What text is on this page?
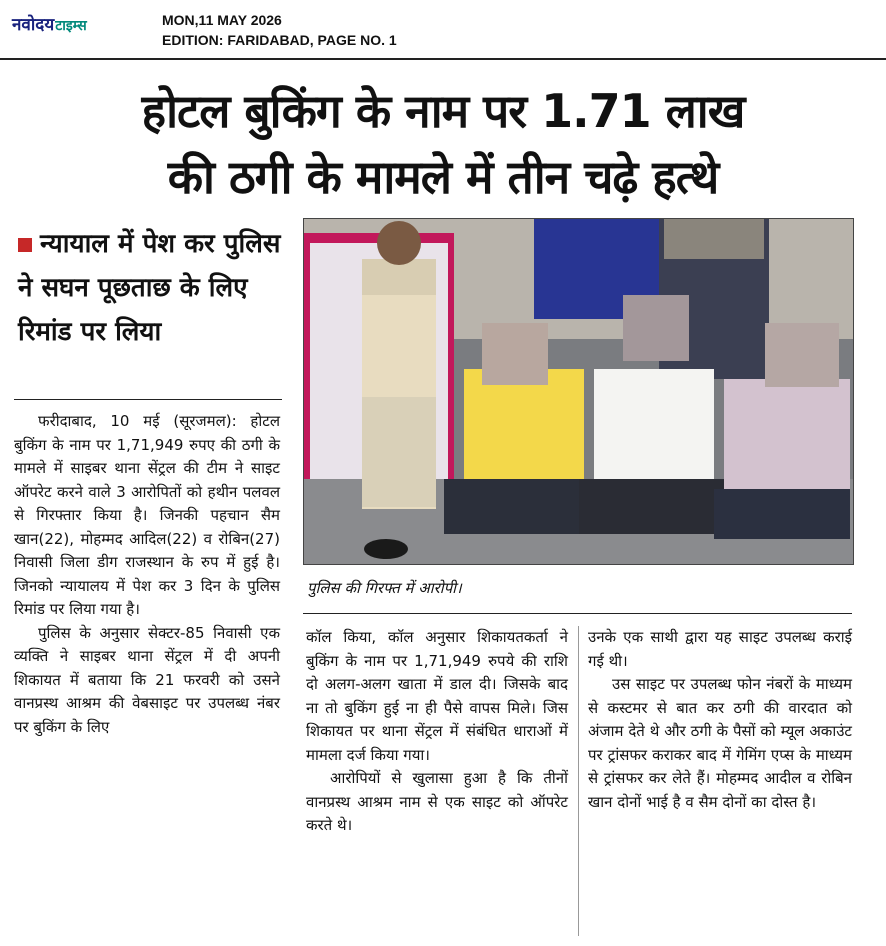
नवोदयटाइम्स	MON,11 MAY 2026
EDITION: FARIDABAD, PAGE NO. 1
होटल बुकिंग के नाम पर 1.71 लाख
की ठगी के मामले में तीन चढ़े हत्थे
न्यायाल में पेश कर पुलिस ने सघन पूछताछ के लिए रिमांड पर लिया

फरीदाबाद, 10 मई (सूरजमल): होटल बुकिंग के नाम पर 1,71,949 रुपए की ठगी के मामले में साइबर थाना सेंट्रल की टीम ने साइट ऑपरेट करने वाले 3 आरोपितों को हथीन पलवल से गिरफ्तार किया है। जिनकी पहचान सैम खान(22), मोहम्मद आदिल(22) व रोबिन(27) निवासी जिला डीग राजस्थान के रुप में हुई है। जिनको न्यायालय में पेश कर 3 दिन के पुलिस रिमांड पर लिया गया है।

पुलिस के अनुसार सेक्टर-85 निवासी एक व्यक्ति ने साइबर थाना सेंट्रल में दी अपनी शिकायत में बताया कि 21 फरवरी को उसने वानप्रस्थ आश्रम की वेबसाइट पर उपलब्ध नंबर पर बुकिंग के लिए

पुलिस की गिरफ्त में आरोपी।

कॉल किया, कॉल अनुसार शिकायतकर्ता ने बुकिंग के नाम पर 1,71,949 रुपये की राशि दो अलग-अलग खाता में डाल दी। जिसके बाद ना तो बुकिंग हुई ना ही पैसे वापस मिले। जिस शिकायत पर थाना सेंट्रल में संबंधित धाराओं में मामला दर्ज किया गया।

आरोपियों से खुलासा हुआ है कि तीनों वानप्रस्थ आश्रम नाम से एक साइट को ऑपरेट करते थे।

उनके एक साथी द्वारा यह साइट उपलब्ध कराई गई थी।

उस साइट पर उपलब्ध फोन नंबरों के माध्यम से कस्टमर से बात कर ठगी की वारदात को अंजाम देते थे और ठगी के पैसों को म्यूल अकाउंट पर ट्रांसफर कराकर बाद में गेमिंग एप्स के माध्यम से ट्रांसफर कर लेते हैं। मोहम्मद आदील व रोबिन खान दोनों भाई है व सैम दोनों का दोस्त है।
